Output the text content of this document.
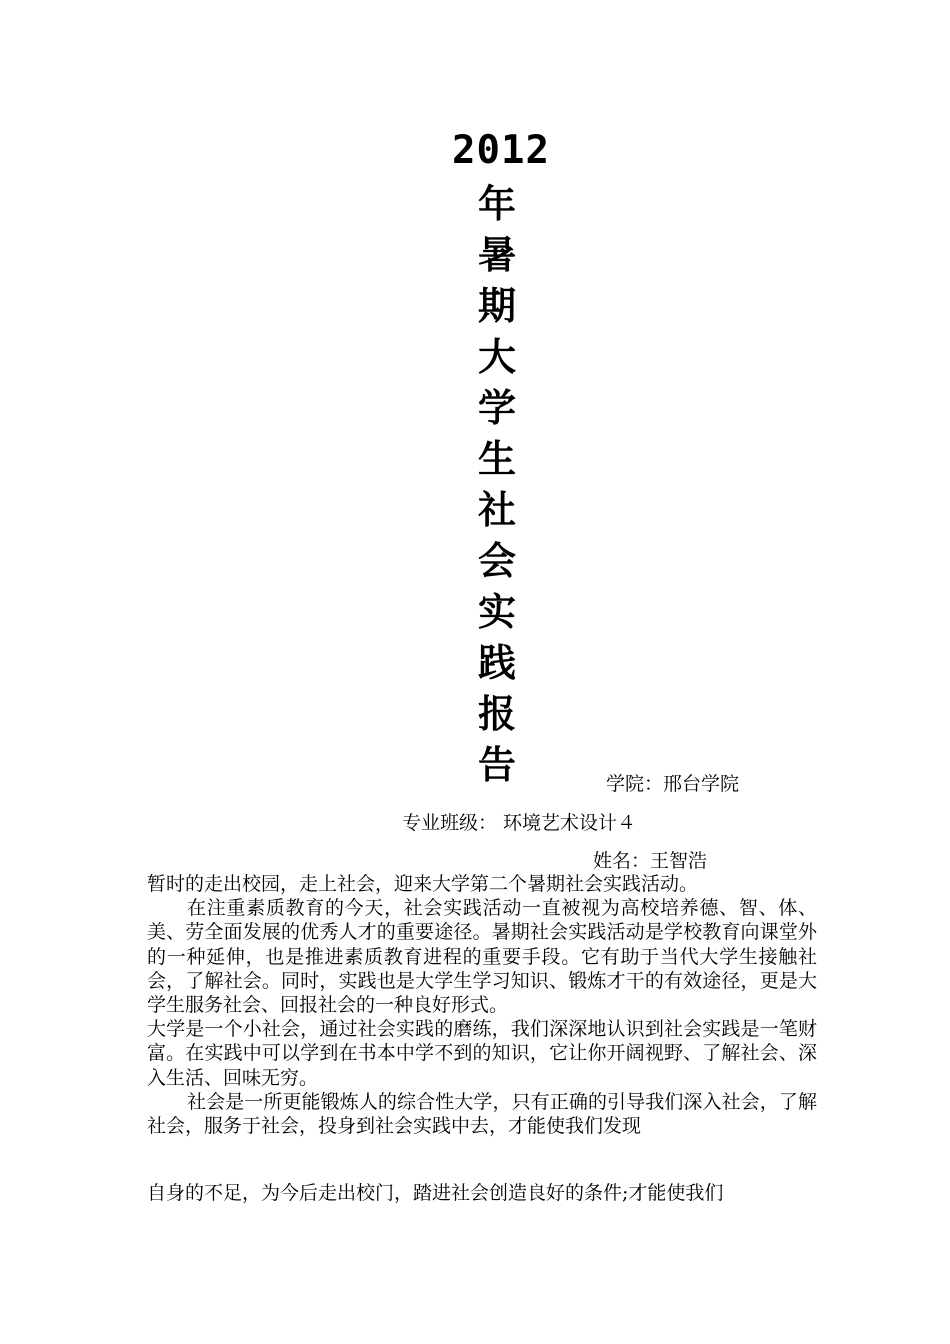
2012
年
暑
期
大
学
生
社
会
实
践
报
告	学院：邢台学院
专业班级： 环境艺术设计４
姓名：王智浩

暂时的走出校园，走上社会，迎来大学第二个暑期社会实践活动。

在注重素质教育的今天，社会实践活动一直被视为高校培养德、智、体、美、劳全面发展的优秀人才的重要途径。暑期社会实践活动是学校教育向课堂外的一种延伸，也是推进素质教育进程的重要手段。它有助于当代大学生接触社会，了解社会。同时，实践也是大学生学习知识、锻炼才干的有效途径，更是大学生服务社会、回报社会的一种良好形式。

大学是一个小社会，通过社会实践的磨练，我们深深地认识到社会实践是一笔财富。在实践中可以学到在书本中学不到的知识，它让你开阔视野、了解社会、深入生活、回味无穷。

社会是一所更能锻炼人的综合性大学，只有正确的引导我们深入社会，了解社会，服务于社会，投身到社会实践中去，才能使我们发现

自身的不足，为今后走出校门，踏进社会创造良好的条件;才能使我们
